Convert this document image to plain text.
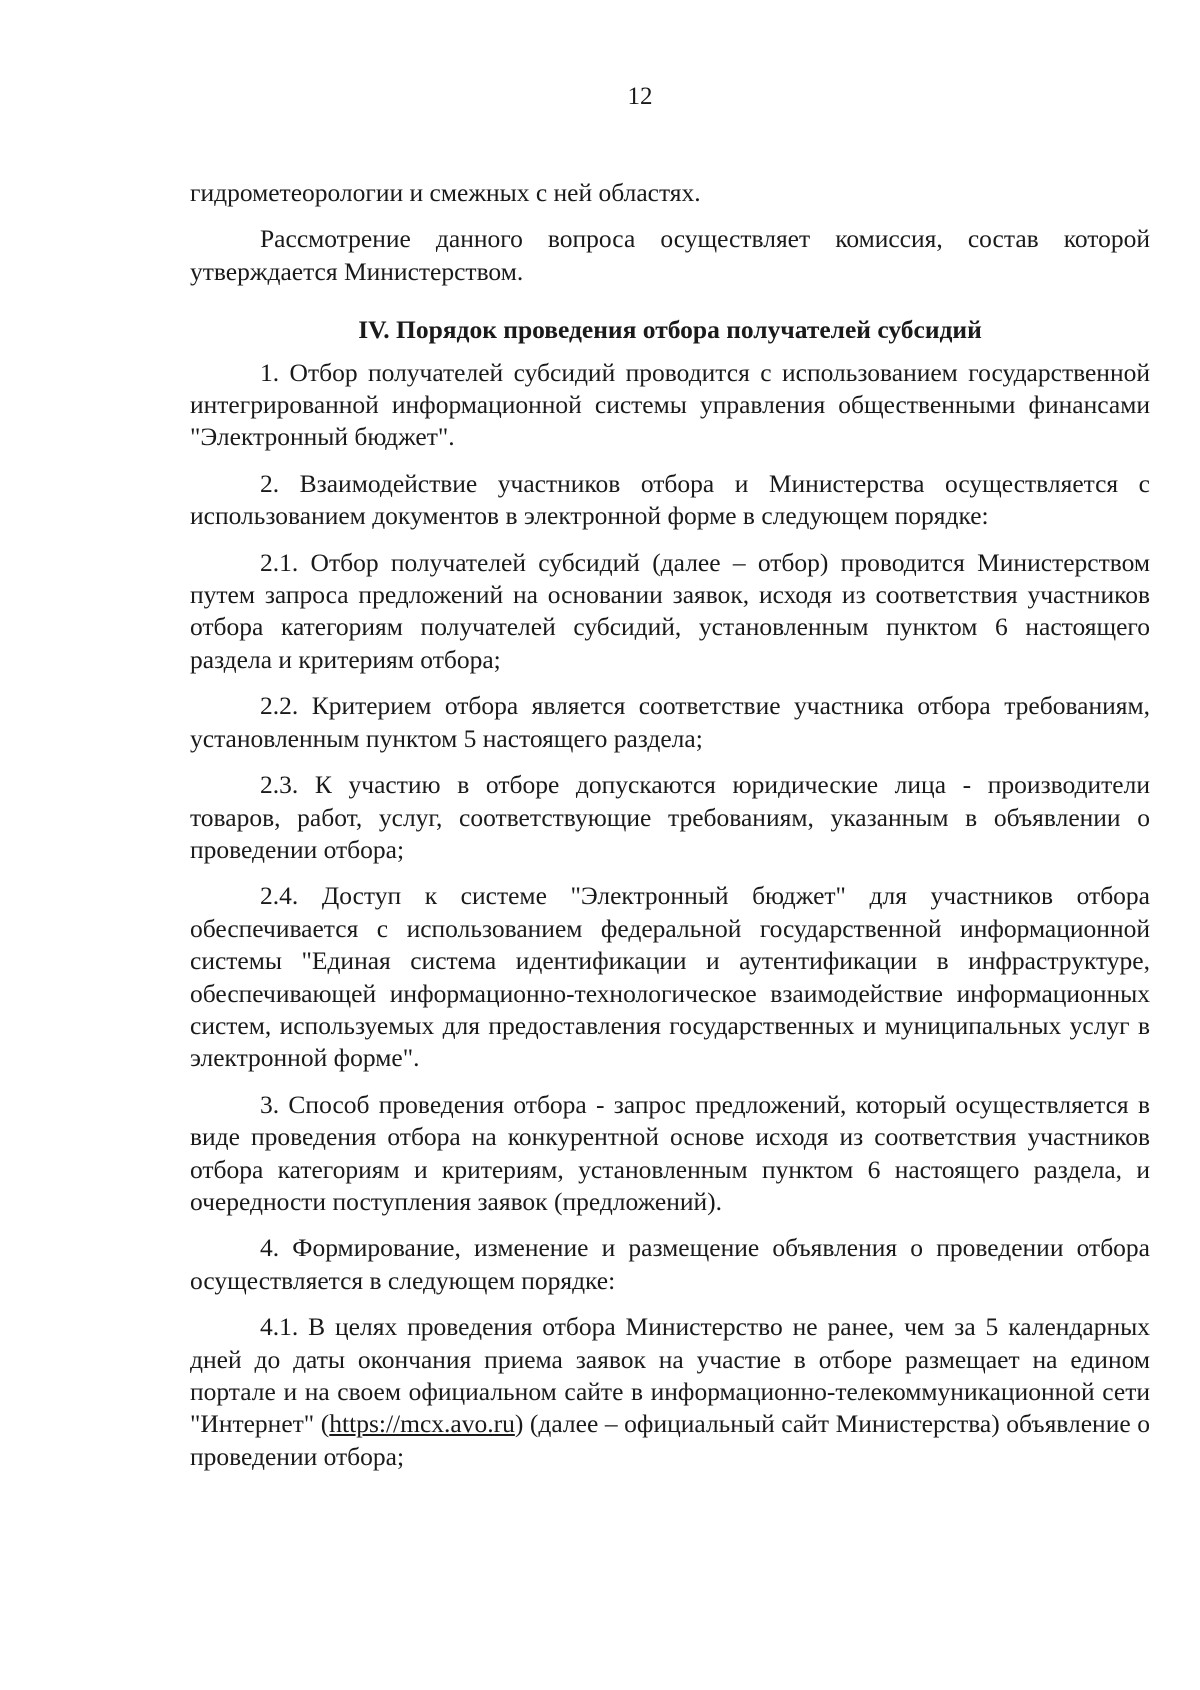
12

гидрометеорологии и смежных с ней областях.

Рассмотрение данного вопроса осуществляет комиссия, состав которой утверждается Министерством.

IV. Порядок проведения отбора получателей субсидий

1. Отбор получателей субсидий проводится с использованием государственной интегрированной информационной системы управления общественными финансами "Электронный бюджет".

2. Взаимодействие участников отбора и Министерства осуществляется с использованием документов в электронной форме в следующем порядке:

2.1. Отбор получателей субсидий (далее – отбор) проводится Министерством путем запроса предложений на основании заявок, исходя из соответствия участников отбора категориям получателей субсидий, установленным пунктом 6 настоящего раздела и критериям отбора;

2.2. Критерием отбора является соответствие участника отбора требованиям, установленным пунктом 5 настоящего раздела;

2.3. К участию в отборе допускаются юридические лица - производители товаров, работ, услуг, соответствующие требованиям, указанным в объявлении о проведении отбора;

2.4. Доступ к системе "Электронный бюджет" для участников отбора обеспечивается с использованием федеральной государственной информационной системы "Единая система идентификации и аутентификации в инфраструктуре, обеспечивающей информационно-технологическое взаимодействие информационных систем, используемых для предоставления государственных и муниципальных услуг в электронной форме".

3. Способ проведения отбора - запрос предложений, который осуществляется в виде проведения отбора на конкурентной основе исходя из соответствия участников отбора категориям и критериям, установленным пунктом 6 настоящего раздела, и очередности поступления заявок (предложений).

4. Формирование, изменение и размещение объявления о проведении отбора осуществляется в следующем порядке:

4.1. В целях проведения отбора Министерство не ранее, чем за 5 календарных дней до даты окончания приема заявок на участие в отборе размещает на едином портале и на своем официальном сайте в информационно-телекоммуникационной сети "Интернет" (https://mcx.avo.ru) (далее – официальный сайт Министерства) объявление о проведении отбора;
